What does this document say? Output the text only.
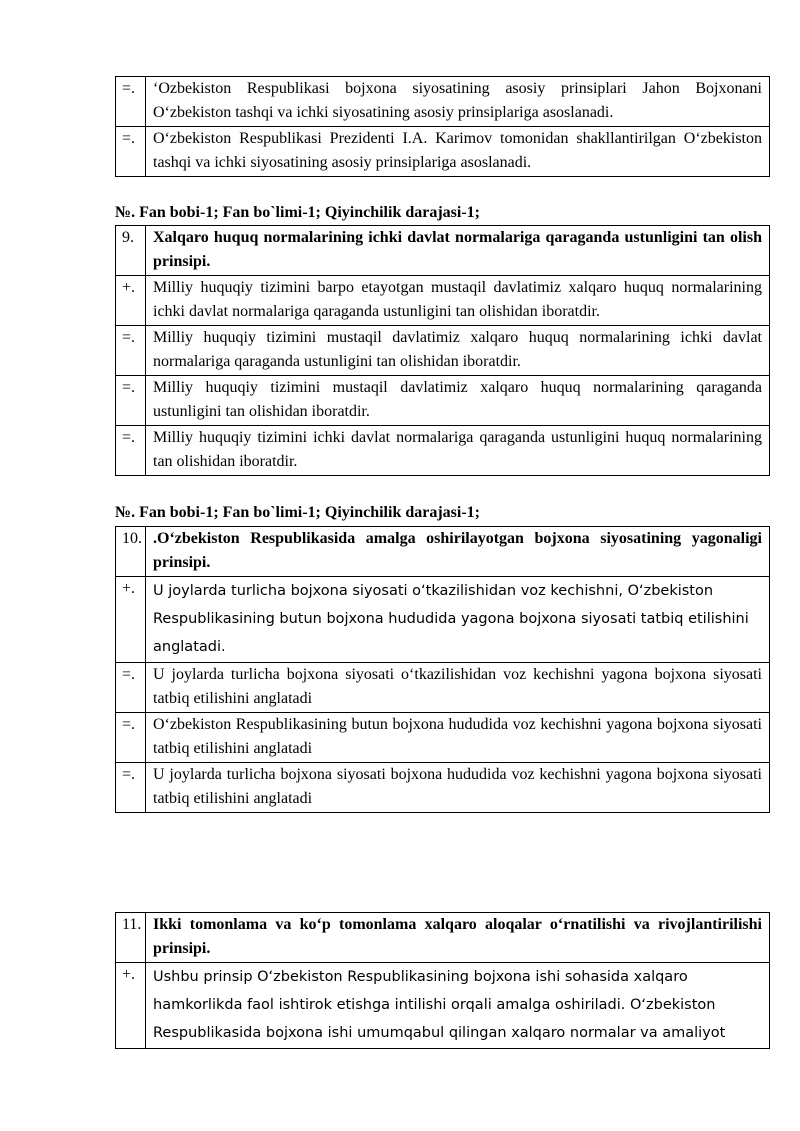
=.	‘Ozbekiston Respublikasi bojxona siyosatining asosiy prinsiplari Jahon Bojxonani O‘zbekiston tashqi va ichki siyosatining asosiy prinsiplariga asoslanadi.
=.	O‘zbekiston Respublikasi Prezidenti I.A. Karimov tomonidan shakllantirilgan O‘zbekiston tashqi va ichki siyosatining asosiy prinsiplariga asoslanadi.
№. Fan bobi-1; Fan bo`limi-1; Qiyinchilik darajasi-1;
9.	Xalqaro huquq normalarining ichki davlat normalariga qaraganda ustunligini tan olish prinsipi.
+.	Milliy huquqiy tizimini barpo etayotgan mustaqil davlatimiz xalqaro huquq normalarining ichki davlat normalariga qaraganda ustunligini tan olishidan iboratdir.
=.	Milliy huquqiy tizimini mustaqil davlatimiz xalqaro huquq normalarining ichki davlat normalariga qaraganda ustunligini tan olishidan iboratdir.
=.	Milliy huquqiy tizimini mustaqil davlatimiz xalqaro huquq normalarining qaraganda ustunligini tan olishidan iboratdir.
=.	Milliy huquqiy tizimini ichki davlat normalariga qaraganda ustunligini huquq normalarining tan olishidan iboratdir.
№. Fan bobi-1; Fan bo`limi-1; Qiyinchilik darajasi-1;
10.	.O‘zbekiston Respublikasida amalga oshirilayotgan bojxona siyosatining yagonaligi prinsipi.
+.	U joylarda turlicha bojxona siyosati o‘tkazilishidan voz kechishni, O‘zbekiston Respublikasining butun bojxona hududida yagona bojxona siyosati tatbiq etilishini anglatadi.
=.	U joylarda turlicha bojxona siyosati o‘tkazilishidan voz kechishni yagona bojxona siyosati tatbiq etilishini anglatadi
=.	O‘zbekiston Respublikasining butun bojxona hududida voz kechishni yagona bojxona siyosati tatbiq etilishini anglatadi
=.	U joylarda turlicha bojxona siyosati bojxona hududida voz kechishni yagona bojxona siyosati tatbiq etilishini anglatadi
11.	Ikki tomonlama va ko‘p tomonlama xalqaro aloqalar o‘rnatilishi va rivojlantirilishi prinsipi.
+.	Ushbu prinsip O‘zbekiston Respublikasining bojxona ishi sohasida xalqaro hamkorlikda faol ishtirok etishga intilishi orqali amalga oshiriladi. O‘zbekiston Respublikasida bojxona ishi umumqabul qilingan xalqaro normalar va amaliyot
